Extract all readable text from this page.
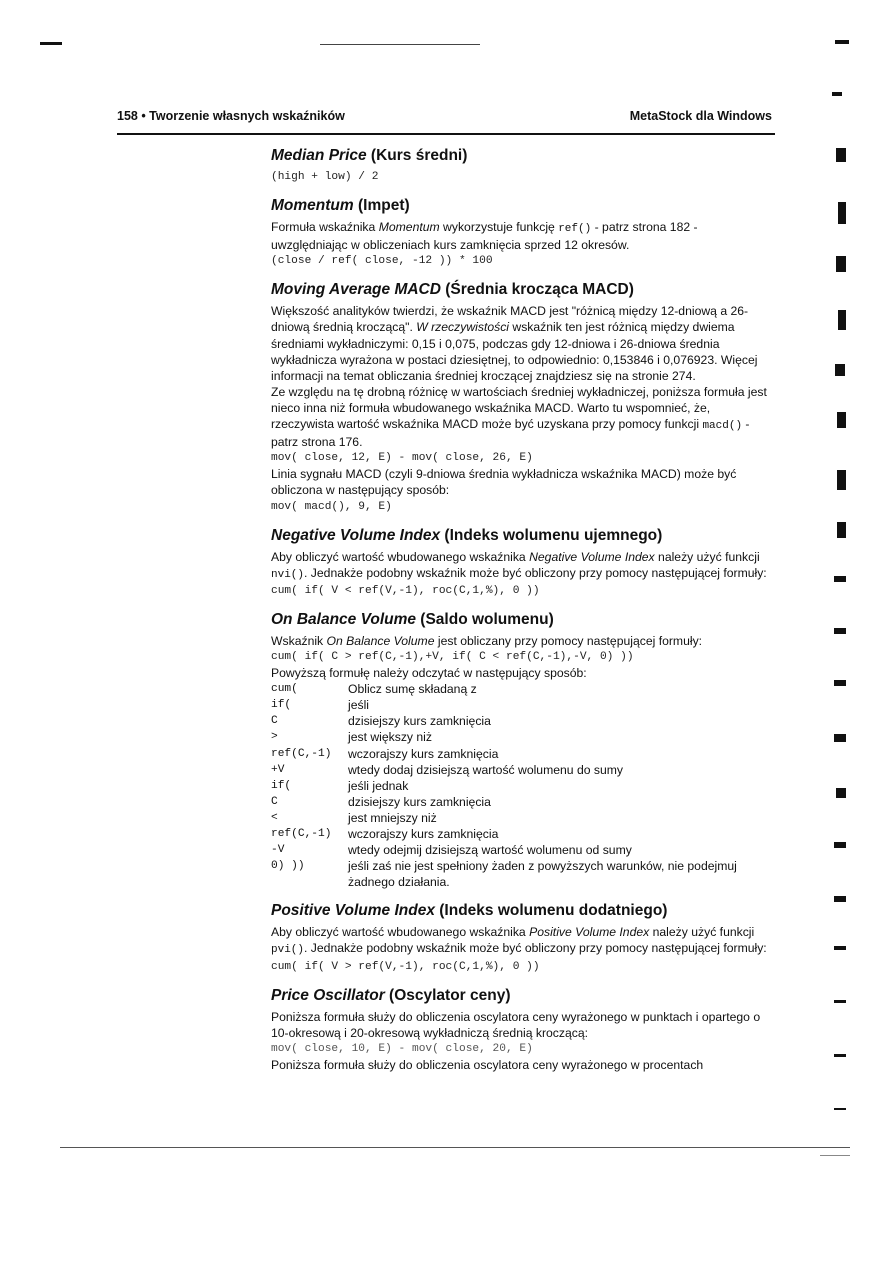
158 • Tworzenie własnych wskaźników	MetaStock dla Windows

Median Price (Kurs średni)

(high + low) / 2

Momentum (Impet)

Formuła wskaźnika Momentum wykorzystuje funkcję ref() - patrz strona 182 - uwzględniając w obliczeniach kurs zamknięcia sprzed 12 okresów.

(close / ref( close, -12 )) * 100

Moving Average MACD (Średnia krocząca MACD)

Większość analityków twierdzi, że wskaźnik MACD jest "różnicą między 12-dniową a 26-dniową średnią kroczącą". W rzeczywistości wskaźnik ten jest różnicą między dwiema średniami wykładniczymi: 0,15 i 0,075, podczas gdy 12-dniowa i 26-dniowa średnia wykładnicza wyrażona w postaci dziesiętnej, to odpowiednio: 0,153846 i 0,076923. Więcej informacji na temat obliczania średniej kroczącej znajdziesz się na stronie 274.

Ze względu na tę drobną różnicę w wartościach średniej wykładniczej, poniższa formuła jest nieco inna niż formuła wbudowanego wskaźnika MACD. Warto tu wspomnieć, że, rzeczywista wartość wskaźnika MACD może być uzyskana przy pomocy funkcji macd() - patrz strona 176.

mov( close, 12, E) - mov( close, 26, E)

Linia sygnału MACD (czyli 9-dniowa średnia wykładnicza wskaźnika MACD) może być obliczona w następujący sposób:

mov( macd(), 9, E)

Negative Volume Index (Indeks wolumenu ujemnego)

Aby obliczyć wartość wbudowanego wskaźnika Negative Volume Index należy użyć funkcji nvi(). Jednakże podobny wskaźnik może być obliczony przy pomocy następującej formuły:

cum( if( V < ref(V,-1), roc(C,1,%), 0 ))

On Balance Volume (Saldo wolumenu)

Wskaźnik On Balance Volume jest obliczany przy pomocy następującej formuły:

cum( if( C > ref(C,-1),+V, if( C < ref(C,-1),-V, 0) ))

Powyższą formułę należy odczytać w następujący sposób:

cum(	Oblicz sumę składaną z
if(	jeśli
C	dzisiejszy kurs zamknięcia
>	jest większy niż
ref(C,-1)	wczorajszy kurs zamknięcia
+V	wtedy dodaj dzisiejszą wartość wolumenu do sumy
if(	jeśli jednak
C	dzisiejszy kurs zamknięcia
<	jest mniejszy niż
ref(C,-1)	wczorajszy kurs zamknięcia
-V	wtedy odejmij dzisiejszą wartość wolumenu od sumy
0) ))	jeśli zaś nie jest spełniony żaden z powyższych warunków, nie podejmuj żadnego działania.

Positive Volume Index (Indeks wolumenu dodatniego)

Aby obliczyć wartość wbudowanego wskaźnika Positive Volume Index należy użyć funkcji pvi(). Jednakże podobny wskaźnik może być obliczony przy pomocy następującej formuły:

cum( if( V > ref(V,-1), roc(C,1,%), 0 ))

Price Oscillator (Oscylator ceny)

Poniższa formuła służy do obliczenia oscylatora ceny wyrażonego w punktach i opartego o 10-okresową i 20-okresową wykładniczą średnią kroczącą:

mov( close, 10, E) - mov( close, 20, E)

Poniższa formuła służy do obliczenia oscylatora ceny wyrażonego w procentach
